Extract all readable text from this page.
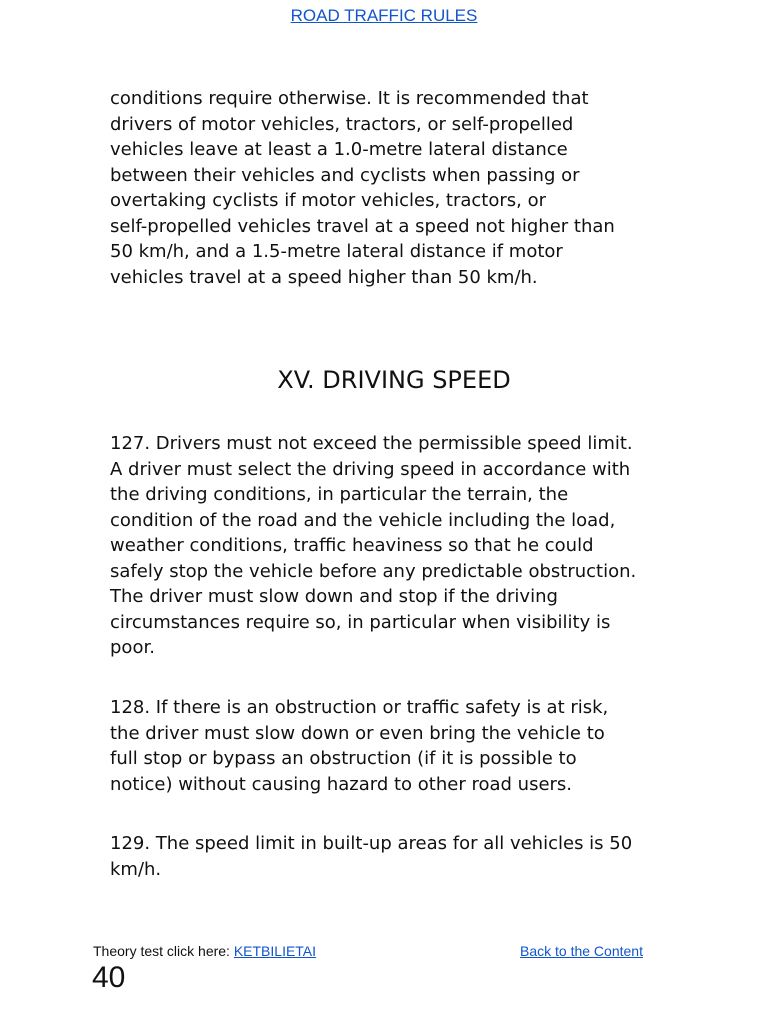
ROAD TRAFFIC RULES

conditions require otherwise. It is recommended that
drivers of motor vehicles, tractors, or self-propelled
vehicles leave at least a 1.0-metre lateral distance
between their vehicles and cyclists when passing or
overtaking cyclists if motor vehicles, tractors, or
self-propelled vehicles travel at a speed not higher than
50 km/h, and a 1.5-metre lateral distance if motor
vehicles travel at a speed higher than 50 km/h.

XV. DRIVING SPEED

127. Drivers must not exceed the permissible speed limit.
A driver must select the driving speed in accordance with
the driving conditions, in particular the terrain, the
condition of the road and the vehicle including the load,
weather conditions, traffic heaviness so that he could
safely stop the vehicle before any predictable obstruction.
The driver must slow down and stop if the driving
circumstances require so, in particular when visibility is
poor.

128. If there is an obstruction or traffic safety is at risk,
the driver must slow down or even bring the vehicle to
full stop or bypass an obstruction (if it is possible to
notice) without causing hazard to other road users.

129. The speed limit in built-up areas for all vehicles is 50
km/h.

Theory test click here: KETBILIETAI	Back to the Content
40
